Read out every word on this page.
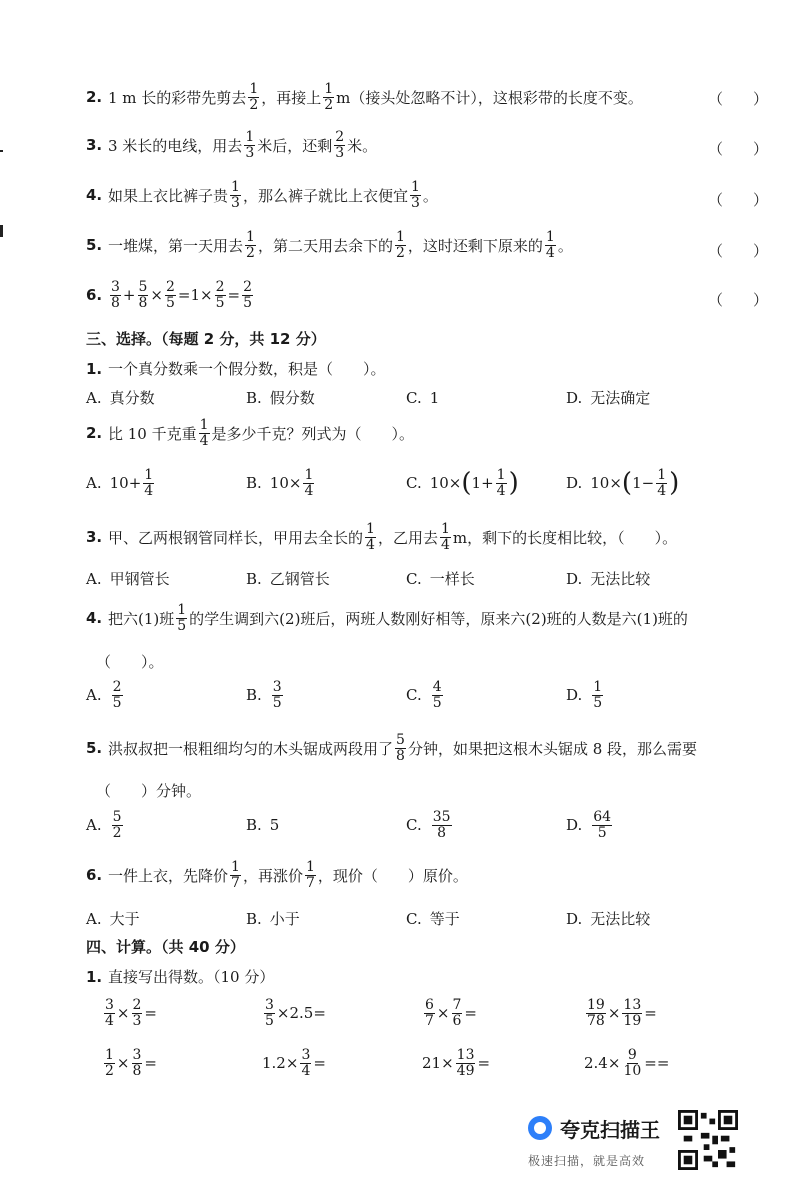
2. 1 m 长的彩带先剪去 $\frac{1}{2}$ ，再接上 $\frac{1}{2} m$（接头处忽略不计），这根彩带的长度不变。	（　　）
3. 3 米长的电线，用去 $\frac{1}{3}$ 米后，还剩 $\frac{2}{3}$ 米。	（　　）
4. 如果上衣比裤子贵 $\frac{1}{3}$ ，那么裤子就比上衣便宜 $\frac{1}{3}$ 。	（　　）
5. 一堆煤，第一天用去 $\frac{1}{2}$ ，第二天用去余下的 $\frac{1}{2}$ ，这时还剩下原来的 $\frac{1}{4}$ 。	（　　）
6. $\frac{3}{8} + \frac{5}{8} \times \frac{2}{5} =1\times \frac{2}{5} = \frac{2}{5}$	（　　）
三、选择。（每题 2 分，共 12 分）
1. 一个真分数乘一个假分数，积是（　　）。
A. 真分数	B. 假分数	C. 1	D. 无法确定
2. 比 10 千克重 $\frac{1}{4}$ 是多少千克？列式为（　　）。
A. $10+ \frac{1}{4}$	B. $10\times \frac{1}{4}$	C. 10× ( $1+ \frac{1}{4}$ )	D. 10× ( $1- \frac{1}{4}$ )
3. 甲、乙两根钢管同样长，甲用去全长的 $\frac{1}{4}$ ，乙用去 $\frac{1}{4}$ m，剩下的长度相比较，（　　）。
A. 甲钢管长	B. 乙钢管长	C. 一样长	D. 无法比较
4. 把六(1)班 $\frac{1}{5}$ 的学生调到六(2)班后，两班人数刚好相等，原来六(2)班的人数是六(1)班的
（　　）。
A. $\frac{2}{5}$	B. $\frac{3}{5}$	C. $\frac{4}{5}$	D. $\frac{1}{5}$
5. 洪叔叔把一根粗细均匀的木头锯成两段用了 $\frac{5}{8}$ 分钟，如果把这根木头锯成 8 段，那么需要
（　　）分钟。
A. $\frac{5}{2}$	B. 5	C. $\frac{35}{8}$	D. $\frac{64}{5}$
6. 一件上衣，先降价 $\frac{1}{7}$ ，再涨价 $\frac{1}{7}$ ，现价（　　）原价。
A. 大于	B. 小于	C. 等于	D. 无法比较
四、计算。（共 40 分）
1. 直接写出得数。（10 分）
$\frac{3}{4} \times \frac{2}{3}$ =	$\frac{3}{5} \times 2.5$ =	$\frac{6}{7} \times \frac{7}{6}$ =	$\frac{19}{78} \times \frac{13}{19}$ =
$\frac{1}{2} \times \frac{3}{8}$ =	$1.2\times \frac{3}{4}$ =	$21\times \frac{13}{49}$ =	$2.4\times \frac{9}{10}$ ==
夸克扫描王
极速扫描，就是高效
